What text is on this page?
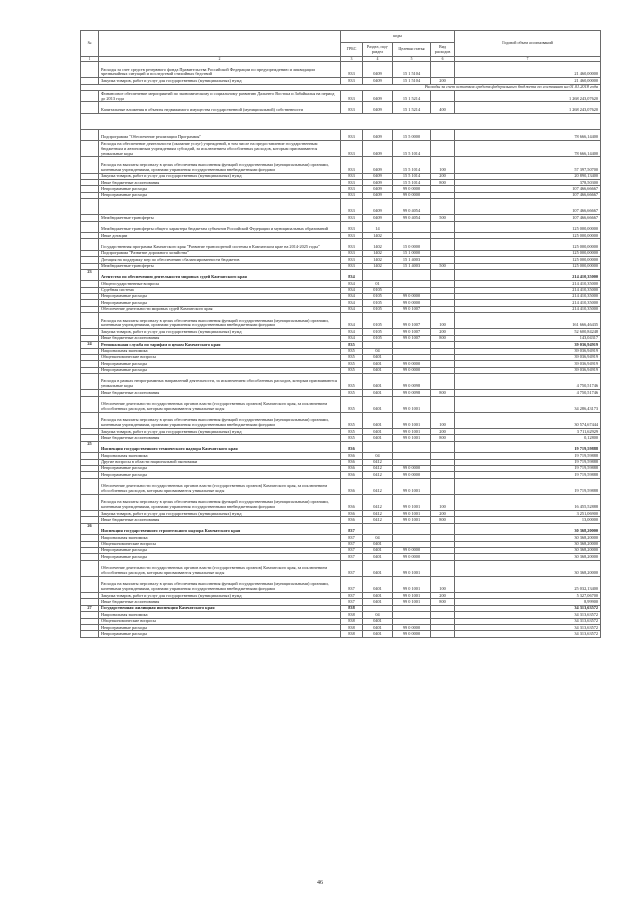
№		коды				Годовой объем ассигнований
		ГРБС	Раздел, под-раздел	Целевая статья	Вид расходов	
1	2	3	4	5	6	7
	Расходы за счет средств резервного фонда Правительства Российской Федерации по предупреждению и ликвидации чрезвычайных ситуаций и последствий стихийных бедствий	833	0409	15 1 5104		21 460,00000
	Закупка товаров, работ и услуг для государственных (муниципальных) нужд	833	0409	15 1 5104	200	21 460,00000
Расходы за счет остатков средств федерального бюджета по состоянию на 01.01.2018 года						
	Финансовое обеспечение мероприятий по экономическому и социальному развитию Дальнего Востока и Забайкалья на период до 2013 года	833	0409	15 1 5214		1 268 243,07620
	Капитальные вложения в объекты недвижимого имущества государственной (муниципальной) собственности	833	0409	15 1 5214	400	1 268 243,07620

	Подпрограмма "Обеспечение реализации Программы"	833	0409	15 5 0000		78 666,14400
	Расходы на обеспечение деятельности (оказание услуг) учреждений, в том числе на предоставление государственным бюджетным и автономным учреждениям субсидий, за исключением обособленных расходов, которым присваиваются уникальные коды	833	0409	15 5 1014		78 666,14400
	Расходы на выплаты персоналу в целях обеспечения выполнения функций государственными (муниципальными) органами, казенными учреждениями, органами управления государственными внебюджетными фондами	833	0409	15 5 1014	100	57 397,50700
	Закупка товаров, работ и услуг для государственных (муниципальных) нужд	833	0409	15 5 1014	200	20 890,13400
	Иные бюджетные ассигнования	833	0409	15 5 1014	800	378,50300
	Непрограммные расходы	833	0409	99 0 0000		107 466,66667
	Непрограммные расходы	833	0409	99 0 0000		107 466,66667
		833	0409	99 0 4054		107 466,66667
	Межбюджетные трансферты	833	0409	99 0 4054	500	107 466,66667
	Межбюджетные трансферты общего характера бюджетам субъектов Российской Федерации и муниципальных образований	833	14			125 000,00000
	Иные дотации	833	1402			125 000,00000
	Государственная программа Камчатского края "Развитие транспортной системы в Камчатском крае на 2014-2025 годы"	833	1402	15 0 0000		125 000,00000
	Подпрограмма "Развитие дорожного хозяйства"	833	1402	15 1 0000		125 000,00000
	Дотация на поддержку мер по обеспечению сбалансированности бюджетов	833	1402	15 1 4003		125 000,00000
	Межбюджетные трансферты	833	1402	15 1 4003	500	125 000,00000
23	Агентство по обеспечению деятельности мировых судей Камчатского края	834				214 410,35000
	Общегосударственные вопросы	834	01			214 410,35000
	Судебная система	834	0105			214 410,35000
	Непрограммные расходы	834	0105	99 0 0000		214 410,35000
	Непрограммные расходы	834	0105	99 0 0000		214 410,35000
	Обеспечение деятельности мировых судей Камчатского края	834	0105	99 0 1007		214 410,35000
	Расходы на выплаты персоналу в целях обеспечения выполнения функций государственными (муниципальными) органами, казенными учреждениями, органами управления государственными внебюджетными фондами	834	0105	99 0 1007	100	161 666,46435
	Закупка товаров, работ и услуг для государственных (муниципальных) нужд	834	0105	99 0 1007	200	52 600,84248
	Иные бюджетные ассигнования	834	0105	99 0 1007	800	143,04317
24	Региональная служба по тарифам и ценам Камчатского края	835				39 036,94919
	Национальная экономика	835	04			39 036,94919
	Общеэкономические вопросы	835	0401			39 036,94919
	Непрограммные расходы	835	0401	99 0 0000		39 036,94919
	Непрограммные расходы	835	0401	99 0 0000		39 036,94919
	Расходы в рамках непрограммных направлений деятельности, за исключением обособленных расходов, которым присваиваются уникальные коды	835	0401	99 0 0098		4 750,51746
	Иные бюджетные ассигнования	835	0401	99 0 0098	800	4 750,51746
	Обеспечение деятельности государственных органов власти (государственных органов) Камчатского края, за исключением обособленных расходов, которым присваиваются уникальные коды	835	0401	99 0 1001		34 286,43173
	Расходы на выплаты персоналу в целях обеспечения выполнения функций государственными (муниципальными) органами, казенными учреждениями, органами управления государственными внебюджетными фондами	835	0401	99 0 1001	100	30 574,67444
	Закупка товаров, работ и услуг для государственных (муниципальных) нужд	835	0401	99 0 1001	200	3 711,62929
	Иные бюджетные ассигнования	835	0401	99 0 1001	800	0,12800
25	Инспекция государственного технического надзора Камчатского края	836				19 719,59888
	Национальная экономика	836	04			19 719,59888
	Другие вопросы в области национальной экономики	836	0412			19 719,59888
	Непрограммные расходы	836	0412	99 0 0000		19 719,59888
	Непрограммные расходы	836	0412	99 0 0000		19 719,59888
	Обеспечение деятельности государственных органов власти (государственных органов) Камчатского края, за исключением обособленных расходов, которым присваиваются уникальные коды	836	0412	99 0 1001		19 719,59888
	Расходы на выплаты персоналу в целях обеспечения выполнения функций государственными (муниципальными) органами, казенными учреждениями, органами управления государственными внебюджетными фондами	836	0412	99 0 1001	100	16 455,52888
	Закупка товаров, работ и услуг для государственных (муниципальных) нужд	836	0412	99 0 1001	200	3 251,06900
	Иные бюджетные ассигнования	836	0412	99 0 1001	800	13,00000
26	Инспекция государственного строительного надзора Камчатского края	837				30 368,20000
	Национальная экономика	837	04			30 368,20000
	Общеэкономические вопросы	837	0401			30 368,20000
	Непрограммные расходы	837	0401	99 0 0000		30 368,20000
	Непрограммные расходы	837	0401	99 0 0000		30 368,20000
	Обеспечение деятельности государственных органов власти (государственных органов) Камчатского края, за исключением обособленных расходов, которым присваиваются уникальные коды	837	0401	99 0 1001		30 368,20000
	Расходы на выплаты персоналу в целях обеспечения выполнения функций государственными (муниципальными) органами, казенными учреждениями, органами управления государственными внебюджетными фондами	837	0401	99 0 1001	100	25 032,13400
	Закупка товаров, работ и услуг для государственных (муниципальных) нужд	837	0401	99 0 1001	200	5 327,06700
	Иные бюджетные ассигнования	837	0401	99 0 1001	800	8,99900
27	Государственная жилищная инспекция Камчатского края	838				34 313,63572
	Национальная экономика	838	04			34 313,63572
	Общеэкономические вопросы	838	0401			34 313,63572
	Непрограммные расходы	838	0401	99 0 0000		34 313,63572
	Непрограммные расходы	838	0401	99 0 0000		34 313,63572
46
